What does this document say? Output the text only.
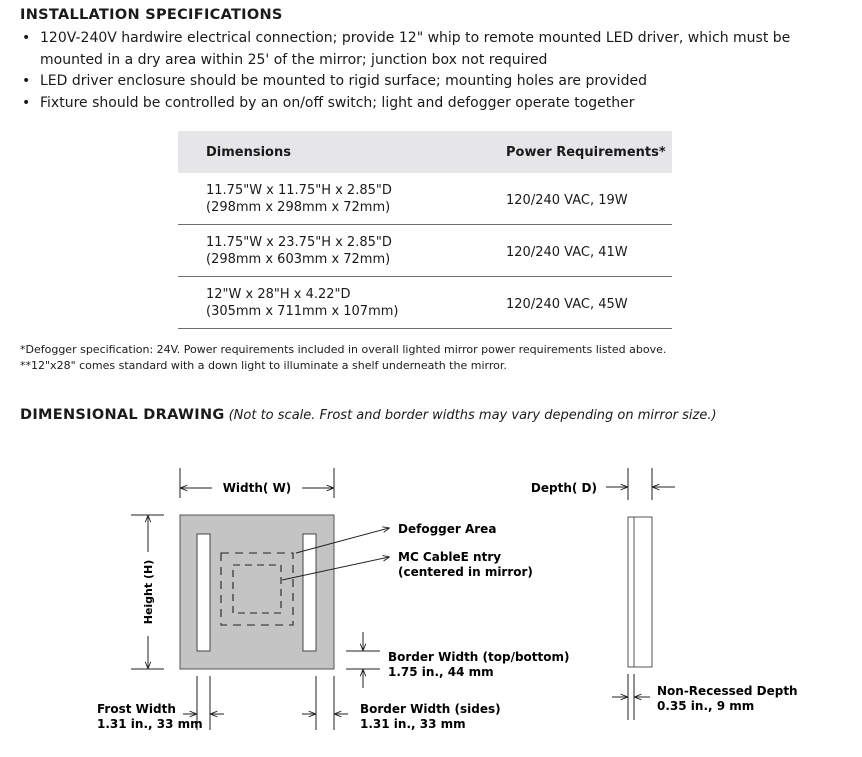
INSTALLATION SPECIFICATIONS
• 120V-240V hardwire electrical connection; provide 12" whip to remote mounted LED driver, which must be mounted in a dry area within 25' of the mirror; junction box not required
• LED driver enclosure should be mounted to rigid surface; mounting holes are provided
• Fixture should be controlled by an on/off switch; light and defogger operate together
Dimensions	Power Requirements*
11.75"W x 11.75"H x 2.85"D
(298mm x 298mm x 72mm)	120/240 VAC, 19W
11.75"W x 23.75"H x 2.85"D
(298mm x 603mm x 72mm)	120/240 VAC, 41W
12"W x 28"H x 4.22"D
(305mm x 711mm x 107mm)	120/240 VAC, 45W
*Defogger specification: 24V. Power requirements included in overall lighted mirror power requirements listed above.
**12"x28" comes standard with a down light to illuminate a shelf underneath the mirror.
DIMENSIONAL DRAWING (Not to scale. Frost and border widths may vary depending on mirror size.)
Width( W)
Height (H)
Defogger Area
MC CableE ntry
(centered in mirror)
Border Width (top/bottom)
1.75 in., 44 mm
Frost Width
1.31 in., 33 mm
Border Width (sides)
1.31 in., 33 mm
Depth( D)
Non-Recessed Depth
0.35 in., 9 mm
